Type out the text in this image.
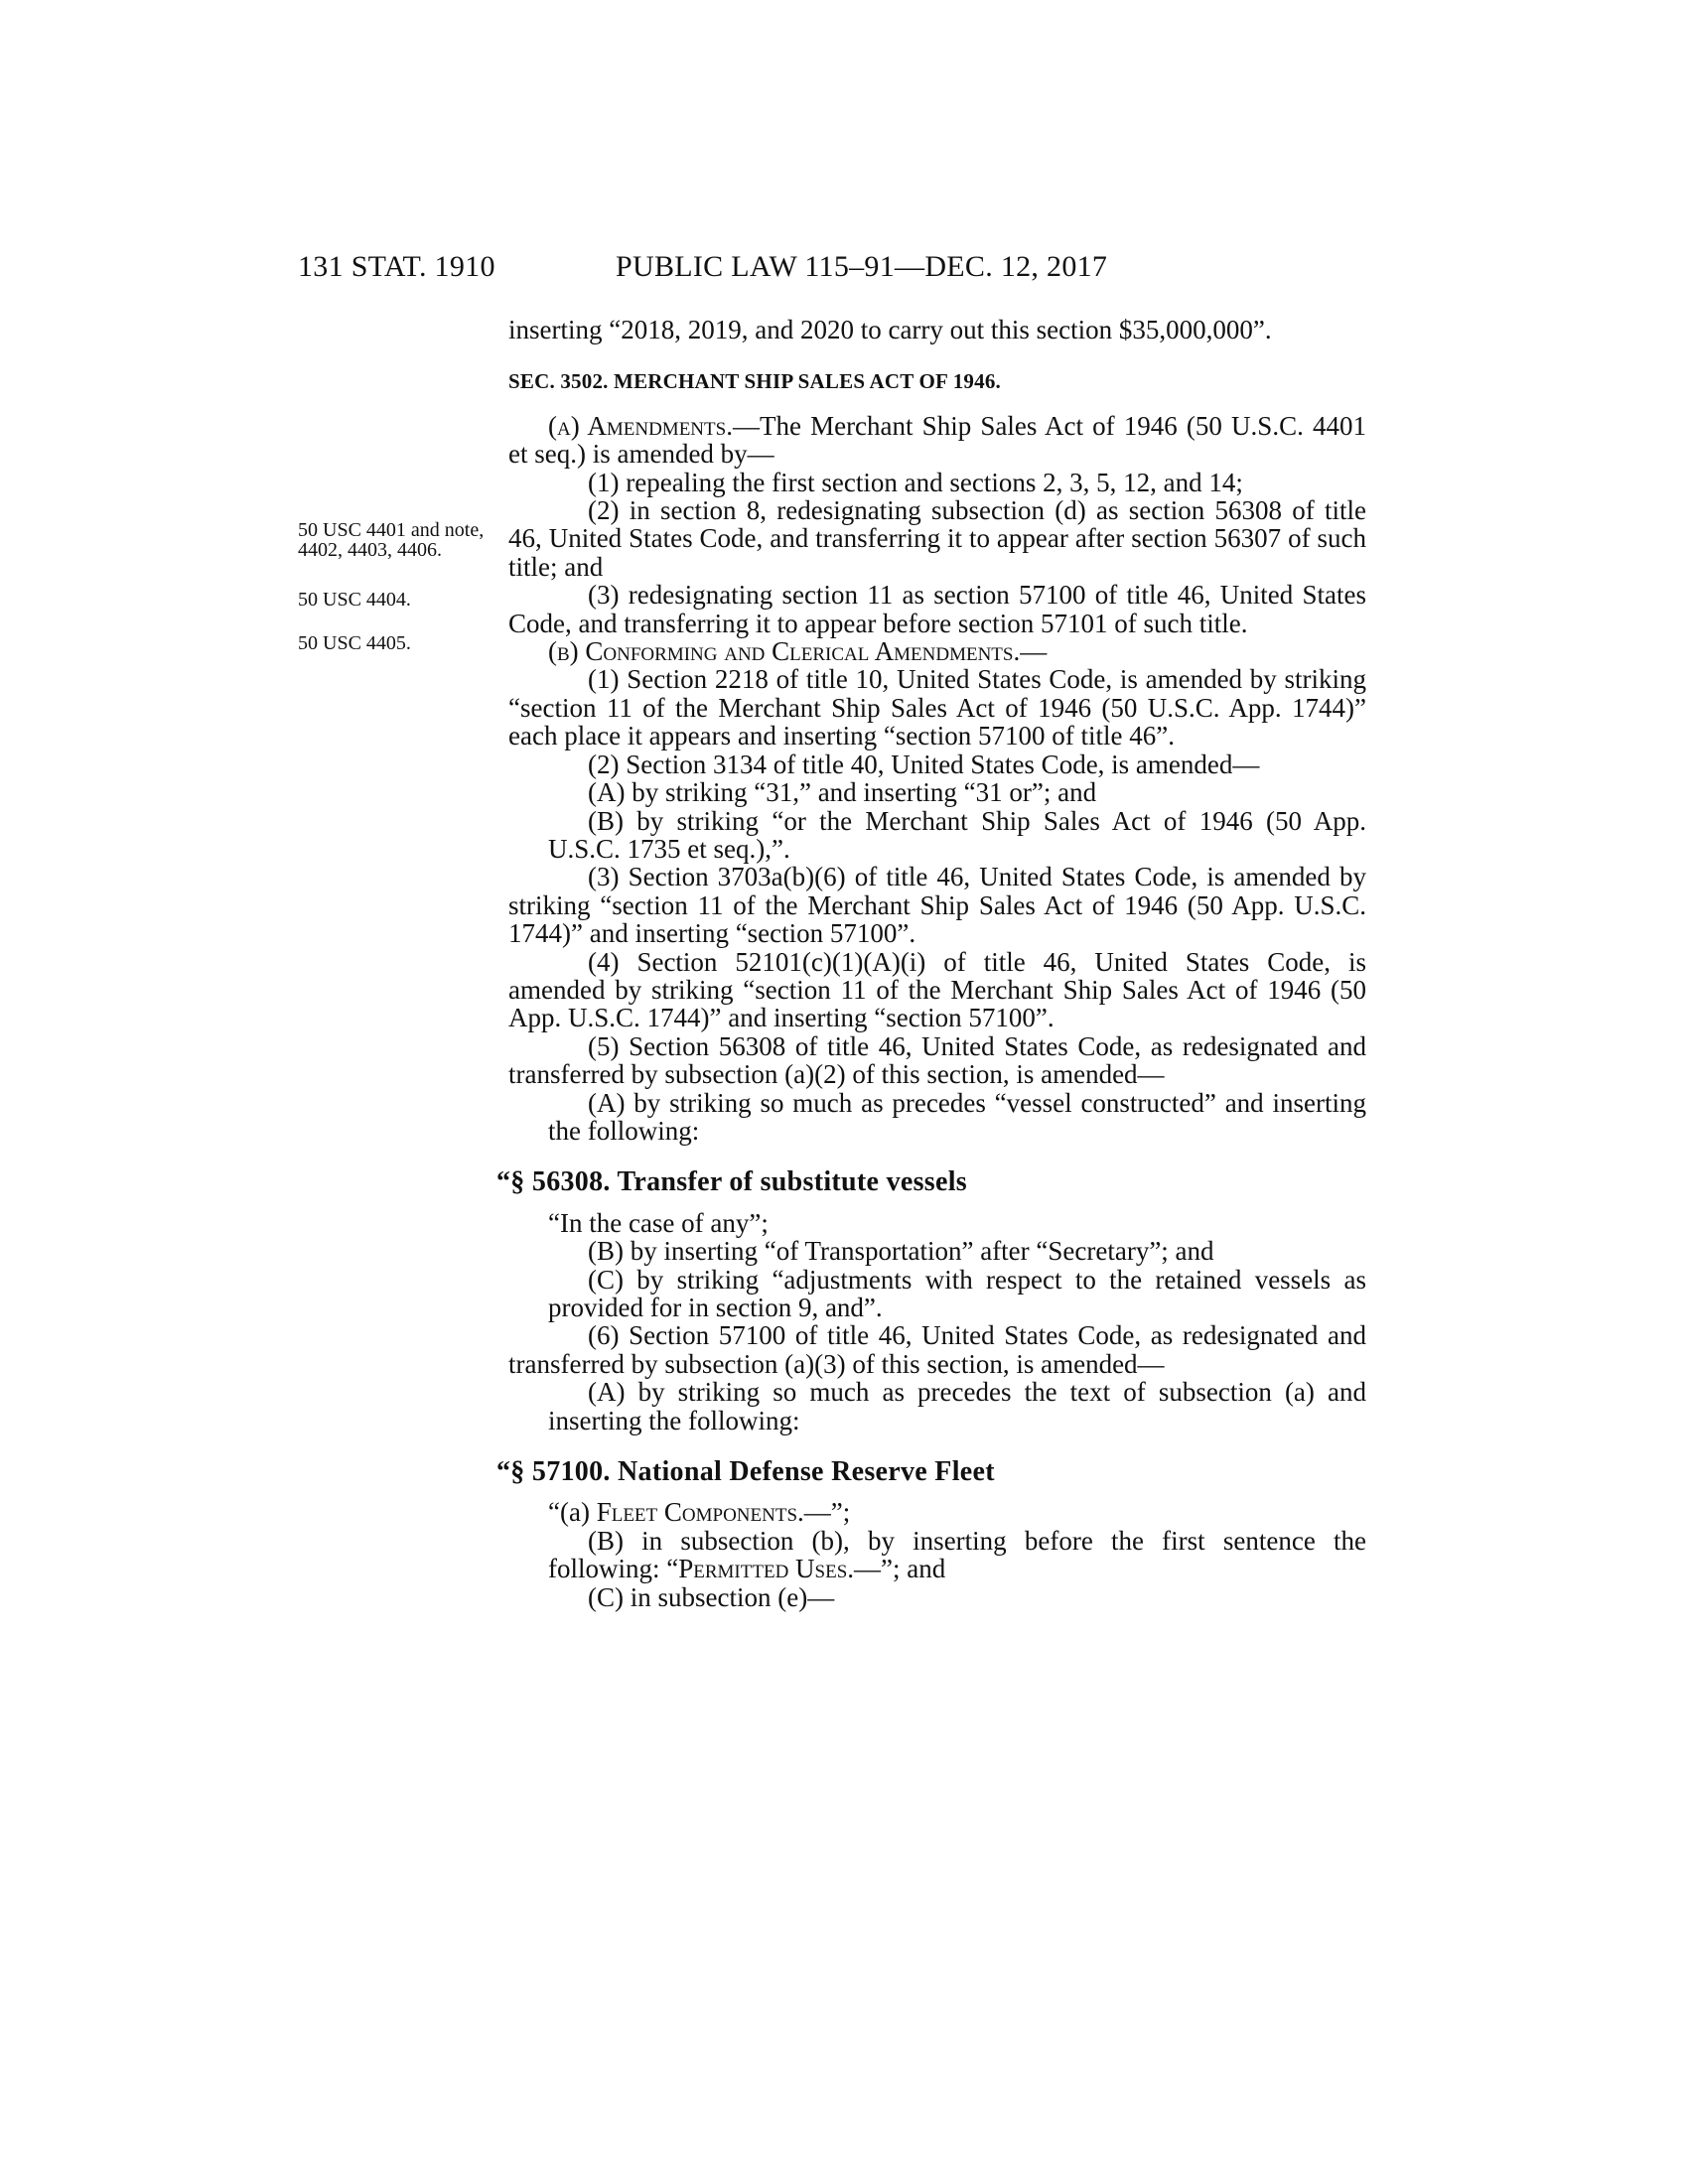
131 STAT. 1910	PUBLIC LAW 115–91—DEC. 12, 2017
50 USC 4401 and note, 4402, 4403, 4406.
50 USC 4404.
50 USC 4405.

inserting “2018, 2019, and 2020 to carry out this section $35,000,000”.

SEC. 3502. MERCHANT SHIP SALES ACT OF 1946.

(a) Amendments.—The Merchant Ship Sales Act of 1946 (50 U.S.C. 4401 et seq.) is amended by—

(1) repealing the first section and sections 2, 3, 5, 12, and 14;

(2) in section 8, redesignating subsection (d) as section 56308 of title 46, United States Code, and transferring it to appear after section 56307 of such title; and

(3) redesignating section 11 as section 57100 of title 46, United States Code, and transferring it to appear before section 57101 of such title.

(b) Conforming and Clerical Amendments.—

(1) Section 2218 of title 10, United States Code, is amended by striking “section 11 of the Merchant Ship Sales Act of 1946 (50 U.S.C. App. 1744)” each place it appears and inserting “section 57100 of title 46”.

(2) Section 3134 of title 40, United States Code, is amended—

(A) by striking “31,” and inserting “31 or”; and

(B) by striking “or the Merchant Ship Sales Act of 1946 (50 App. U.S.C. 1735 et seq.),”.

(3) Section 3703a(b)(6) of title 46, United States Code, is amended by striking “section 11 of the Merchant Ship Sales Act of 1946 (50 App. U.S.C. 1744)” and inserting “section 57100”.

(4) Section 52101(c)(1)(A)(i) of title 46, United States Code, is amended by striking “section 11 of the Merchant Ship Sales Act of 1946 (50 App. U.S.C. 1744)” and inserting “section 57100”.

(5) Section 56308 of title 46, United States Code, as redesignated and transferred by subsection (a)(2) of this section, is amended—

(A) by striking so much as precedes “vessel constructed” and inserting the following:

“§ 56308. Transfer of substitute vessels

“In the case of any”;

(B) by inserting “of Transportation” after “Secretary”; and

(C) by striking “adjustments with respect to the retained vessels as provided for in section 9, and”.

(6) Section 57100 of title 46, United States Code, as redesignated and transferred by subsection (a)(3) of this section, is amended—

(A) by striking so much as precedes the text of subsection (a) and inserting the following:

“§ 57100. National Defense Reserve Fleet

“(a) Fleet Components.—”;

(B) in subsection (b), by inserting before the first sentence the following: “Permitted Uses.—”; and

(C) in subsection (e)—
